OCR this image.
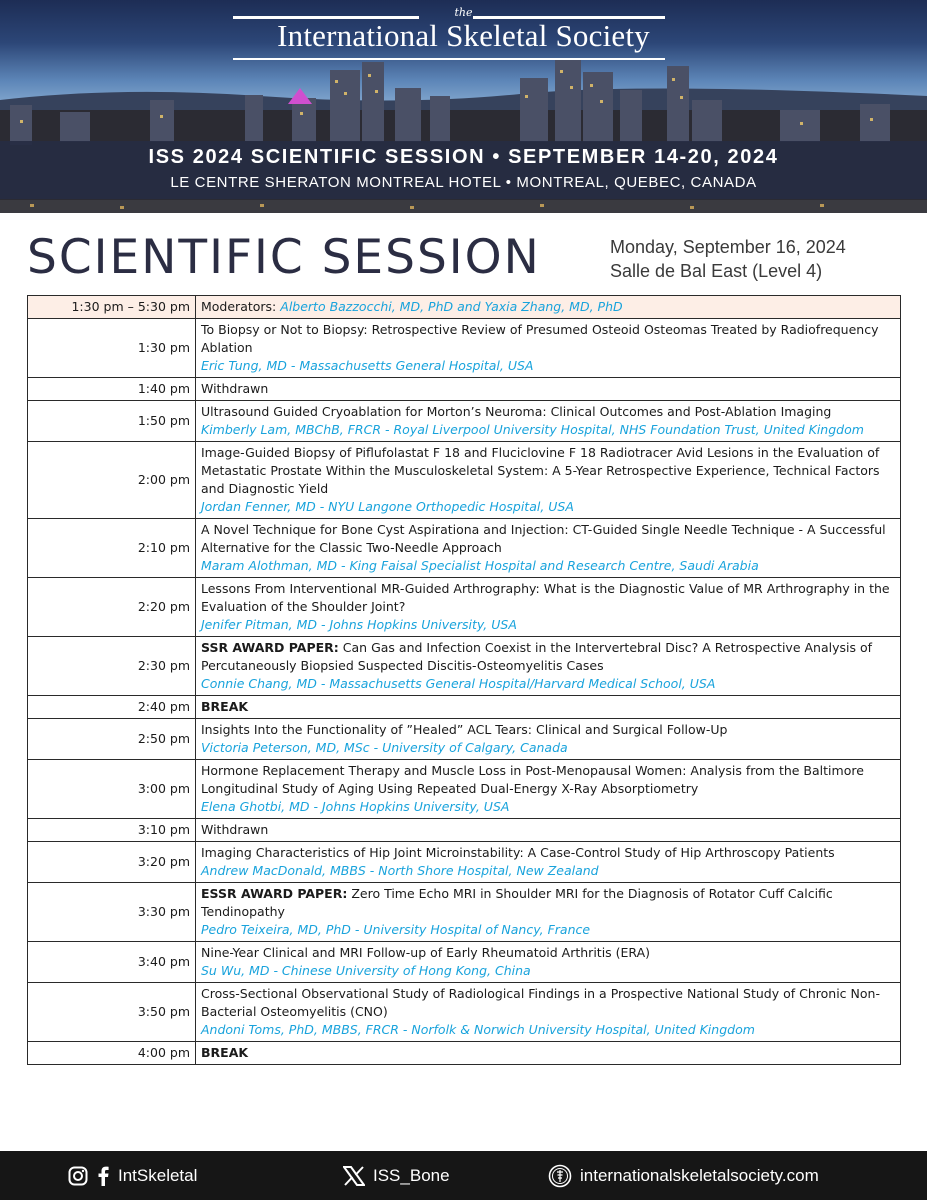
the
International Skeletal Society
ISS 2024 SCIENTIFIC SESSION • SEPTEMBER 14-20, 2024
LE CENTRE SHERATON MONTREAL HOTEL • MONTREAL, QUEBEC, CANADA
SCIENTIFIC SESSION	Monday, September 16, 2024
Salle de Bal East (Level 4)
1:30 pm – 5:30 pm	Moderators: Alberto Bazzocchi, MD, PhD and Yaxia Zhang, MD, PhD
1:30 pm	To Biopsy or Not to Biopsy: Retrospective Review of Presumed Osteoid Osteomas Treated by Radiofrequency Ablation
Eric Tung, MD - Massachusetts General Hospital, USA

1:40 pm	Withdrawn

1:50 pm	Ultrasound Guided Cryoablation for Morton’s Neuroma: Clinical Outcomes and Post-Ablation Imaging
Kimberly Lam, MBChB, FRCR - Royal Liverpool University Hospital, NHS Foundation Trust, United Kingdom

2:00 pm	Image-Guided Biopsy of Piflufolastat F 18 and Fluciclovine F 18 Radiotracer Avid Lesions in the Evaluation of Metastatic Prostate Within the Musculoskeletal System: A 5-Year Retrospective Experience, Technical Factors and Diagnostic Yield
Jordan Fenner, MD - NYU Langone Orthopedic Hospital, USA

2:10 pm	A Novel Technique for Bone Cyst Aspirationa and Injection: CT-Guided Single Needle Technique - A Successful Alternative for the Classic Two-Needle Approach
Maram Alothman, MD - King Faisal Specialist Hospital and Research Centre, Saudi Arabia

2:20 pm	Lessons From Interventional MR-Guided Arthrography: What is the Diagnostic Value of MR Arthrography in the Evaluation of the Shoulder Joint?
Jenifer Pitman, MD - Johns Hopkins University, USA

2:30 pm	SSR AWARD PAPER: Can Gas and Infection Coexist in the Intervertebral Disc? A Retrospective Analysis of Percutaneously Biopsied Suspected Discitis-Osteomyelitis Cases
Connie Chang, MD - Massachusetts General Hospital/Harvard Medical School, USA

2:40 pm	BREAK

2:50 pm	Insights Into the Functionality of ”Healed” ACL Tears: Clinical and Surgical Follow-Up
Victoria Peterson, MD, MSc - University of Calgary, Canada

3:00 pm	Hormone Replacement Therapy and Muscle Loss in Post-Menopausal Women: Analysis from the Baltimore Longitudinal Study of Aging Using Repeated Dual-Energy X-Ray Absorptiometry
Elena Ghotbi, MD - Johns Hopkins University, USA

3:10 pm	Withdrawn

3:20 pm	Imaging Characteristics of Hip Joint Microinstability: A Case-Control Study of Hip Arthroscopy Patients
Andrew MacDonald, MBBS - North Shore Hospital, New Zealand

3:30 pm	ESSR AWARD PAPER: Zero Time Echo MRI in Shoulder MRI for the Diagnosis of Rotator Cuff Calcific Tendinopathy
Pedro Teixeira, MD, PhD - University Hospital of Nancy, France

3:40 pm	Nine-Year Clinical and MRI Follow-up of Early Rheumatoid Arthritis (ERA)
Su Wu, MD - Chinese University of Hong Kong, China

3:50 pm	Cross-Sectional Observational Study of Radiological Findings in a Prospective National Study of Chronic Non-Bacterial Osteomyelitis (CNO)
Andoni Toms, PhD, MBBS, FRCR - Norfolk & Norwich University Hospital, United Kingdom

4:00 pm	BREAK
IntSkeletal	ISS_Bone	internationalskeletalsociety.com
